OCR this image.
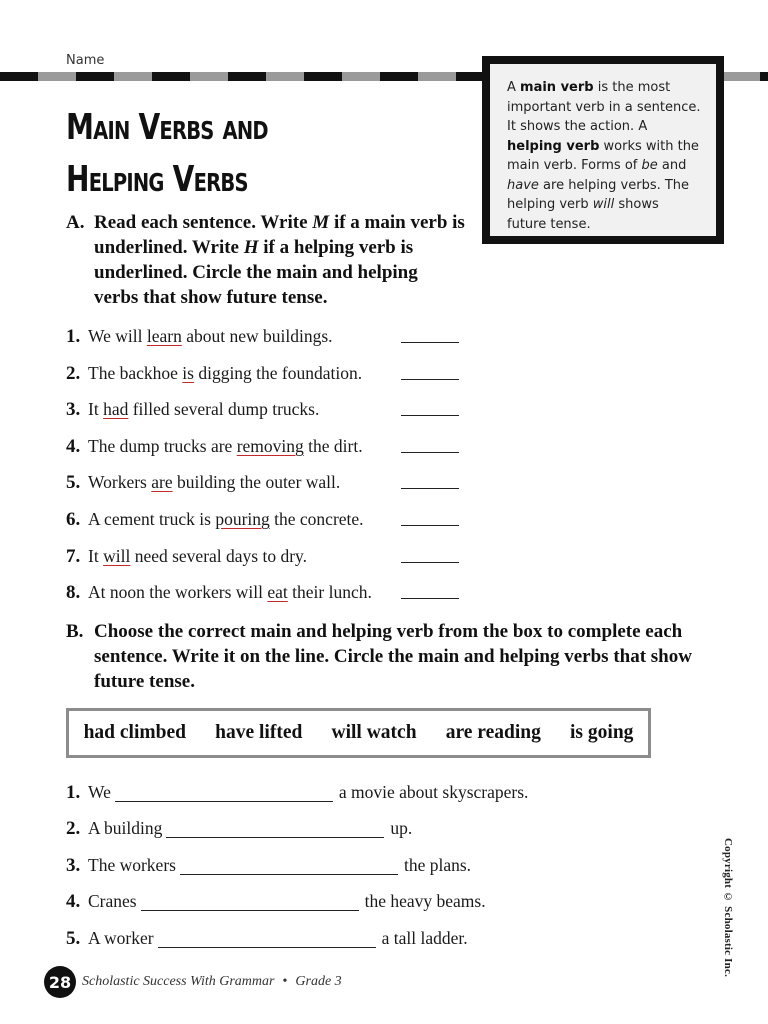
Name
A main verb is the most important verb in a sentence. It shows the action. A helping verb works with the main verb. Forms of be and have are helping verbs. The helping verb will shows future tense.
Main Verbs and
Helping Verbs
A. Read each sentence. Write M if a main verb is underlined. Write H if a helping verb is underlined. Circle the main and helping verbs that show future tense.
1. We will learn about new buildings.
2. The backhoe is digging the foundation.
3. It had filled several dump trucks.
4. The dump trucks are removing the dirt.
5. Workers are building the outer wall.
6. A cement truck is pouring the concrete.
7. It will need several days to dry.
8. At noon the workers will eat their lunch.
B. Choose the correct main and helping verb from the box to complete each sentence. Write it on the line. Circle the main and helping verbs that show future tense.
had climbed have lifted will watch are reading is going
1. We	a movie about skyscrapers.
2. A building	up.
3. The workers	the plans.
4. Cranes	the heavy beams.
5. A worker	a tall ladder.	Copyright © Scholastic Inc.
28 Scholastic Success With Grammar • Grade 3
